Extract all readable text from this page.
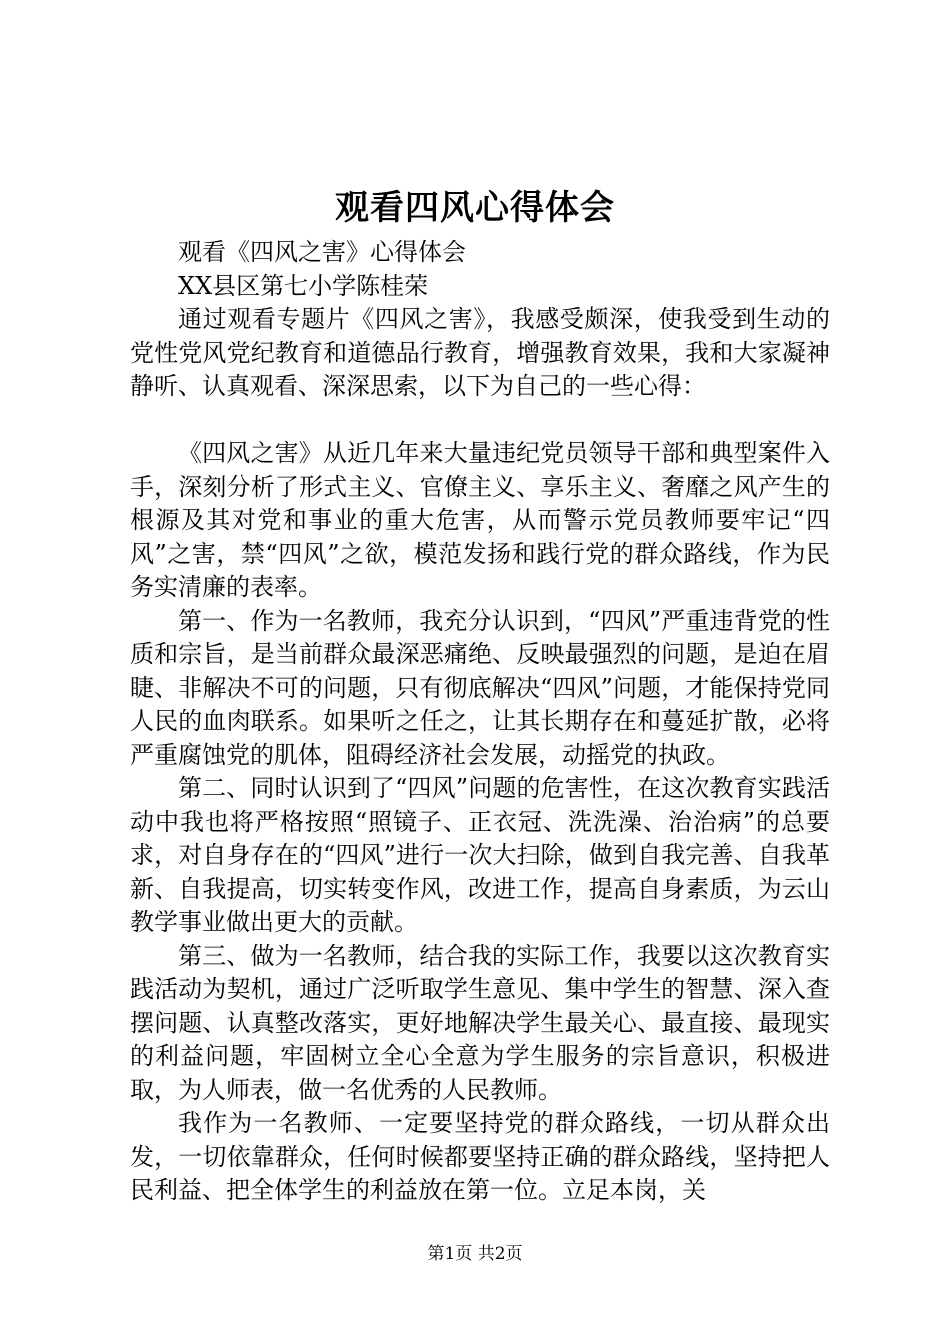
观看四风心得体会

观看《四风之害》心得体会

XX县区第七小学陈桂荣

通过观看专题片《四风之害》，我感受颇深，使我受到生动的党性党风党纪教育和道德品行教育，增强教育效果，我和大家凝神静听、认真观看、深深思索，以下为自己的一些心得：

《四风之害》从近几年来大量违纪党员领导干部和典型案件入手，深刻分析了形式主义、官僚主义、享乐主义、奢靡之风产生的根源及其对党和事业的重大危害，从而警示党员教师要牢记“四风”之害，禁“四风”之欲，模范发扬和践行党的群众路线，作为民务实清廉的表率。

第一、作为一名教师，我充分认识到，“四风”严重违背党的性质和宗旨，是当前群众最深恶痛绝、反映最强烈的问题，是迫在眉睫、非解决不可的问题，只有彻底解决“四风”问题，才能保持党同人民的血肉联系。如果听之任之，让其长期存在和蔓延扩散，必将严重腐蚀党的肌体，阻碍经济社会发展，动摇党的执政。

第二、同时认识到了“四风”问题的危害性，在这次教育实践活动中我也将严格按照“照镜子、正衣冠、洗洗澡、治治病”的总要求，对自身存在的“四风”进行一次大扫除，做到自我完善、自我革新、自我提高，切实转变作风，改进工作，提高自身素质，为云山教学事业做出更大的贡献。

第三、做为一名教师，结合我的实际工作，我要以这次教育实践活动为契机，通过广泛听取学生意见、集中学生的智慧、深入查摆问题、认真整改落实，更好地解决学生最关心、最直接、最现实的利益问题，牢固树立全心全意为学生服务的宗旨意识，积极进取，为人师表，做一名优秀的人民教师。

我作为一名教师、一定要坚持党的群众路线，一切从群众出发，一切依靠群众，任何时候都要坚持正确的群众路线，坚持把人民利益、把全体学生的利益放在第一位。立足本岗，关

第1页 共2页
